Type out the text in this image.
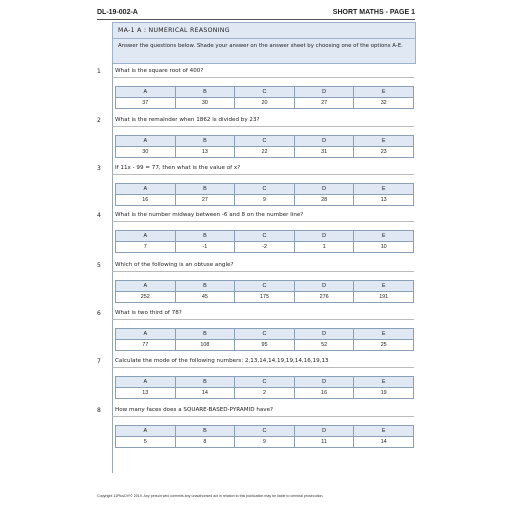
DL-19-002-A	SHORT MATHS - PAGE 1
MA-1 A : NUMERICAL REASONING
Answer the questions below. Shade your answer on the answer sheet by choosing one of the options A-E.
1	What is the square root of 400?
A	B	C	D	E
37	30	20	27	32
2	What is the remainder when 1862 is divided by 23?
A	B	C	D	E
30	13	22	31	23
3	If 11x - 99 = 77, then what is the value of x?
A	B	C	D	E
16	27	9	28	13
4	What is the number midway between -6 and 8 on the number line?
A	B	C	D	E
7	-1	-2	1	10
5	Which of the following is an obtuse angle?
A	B	C	D	E
252	45	175	276	191
6	What is two third of 78?
A	B	C	D	E
77	108	95	52	25
7	Calculate the mode of the following numbers: 2,13,14,14,19,19,14,16,19,13
A	B	C	D	E
13	14	2	16	19
8	How many faces does a SQUARE-BASED-PYRAMID have?
A	B	C	D	E
5	8	9	11	14
Copyright 11PlusDIY© 2019. Any person who commits any unauthorised act in relation to this publication may be liable to criminal prosecution.
